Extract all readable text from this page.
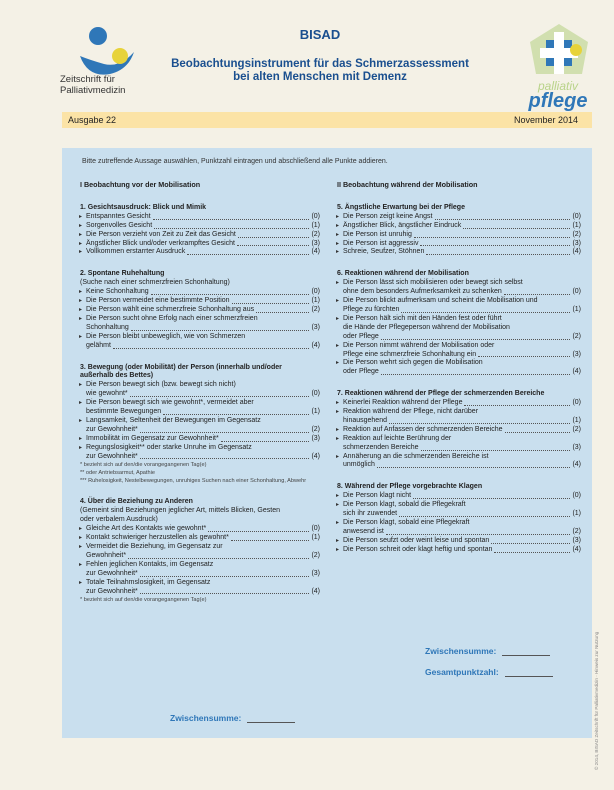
Zeitschrift für
Palliativmedizin	palliativ
pflege
BISAD
Beobachtungsinstrument für das Schmerzassessment
bei alten Menschen mit Demenz
Ausgabe 22	November 2014
Bitte zutreffende Aussage auswählen, Punktzahl eintragen und abschließend alle Punkte addieren.
I Beobachtung vor der Mobilisation
1. Gesichtsausdruck: Blick und Mimik
▸ Entspanntes Gesicht	(0)
▸ Sorgenvolles Gesicht	(1)
▸ Die Person verzieht von Zeit zu Zeit das Gesicht	(2)
▸ Ängstlicher Blick und/oder verkrampftes Gesicht	(3)
▸ Vollkommen erstarrter Ausdruck	(4)
2. Spontane Ruhehaltung
(Suche nach einer schmerzfreien Schonhaltung)
▸ Keine Schonhaltung	(0)
▸ Die Person vermeidet eine bestimmte Position	(1)
▸ Die Person wählt eine schmerzfreie Schonhaltung aus	(2)
▸ Die Person sucht ohne Erfolg nach einer schmerzfreien
Schonhaltung	(3)
▸ Die Person bleibt unbeweglich, wie von Schmerzen
gelähmt	(4)
3. Bewegung (oder Mobilität) der Person (innerhalb und/oder
außerhalb des Bettes)
▸ Die Person bewegt sich (bzw. bewegt sich nicht)
wie gewohnt*	(0)
▸ Die Person bewegt sich wie gewohnt*, vermeidet aber
bestimmte Bewegungen	(1)
▸ Langsamkeit, Seltenheit der Bewegungen im Gegensatz
zur Gewohnheit*	(2)
▸ Immobilität im Gegensatz zur Gewohnheit*	(3)
▸ Regungslosigkeit** oder starke Unruhe im Gegensatz
zur Gewohnheit*	(4)
* bezieht sich auf den/die vorangegangenen Tag(e)
** oder Antriebsarmut, Apathie
*** Ruhelosigkeit, Nestelbewegungen, unruhiges Suchen nach einer Schonhaltung, Abwehr
4. Über die Beziehung zu Anderen
(Gemeint sind Beziehungen jeglicher Art, mittels Blicken, Gesten
oder verbalem Ausdruck)
▸ Gleiche Art des Kontakts wie gewohnt*	(0)
▸ Kontakt schwieriger herzustellen als gewohnt*	(1)
▸ Vermeidet die Beziehung, im Gegensatz zur
Gewohnheit*	(2)
▸ Fehlen jeglichen Kontakts, im Gegensatz
zur Gewohnheit*	(3)
▸ Totale Teilnahmslosigkeit, im Gegensatz
zur Gewohnheit*	(4)
* bezieht sich auf den/die vorangegangenen Tag(e)
Zwischensumme:
II Beobachtung während der Mobilisation
5. Ängstliche Erwartung bei der Pflege
▸ Die Person zeigt keine Angst	(0)
▸ Ängstlicher Blick, ängstlicher Eindruck	(1)
▸ Die Person ist unruhig	(2)
▸ Die Person ist aggressiv	(3)
▸ Schreie, Seufzer, Stöhnen	(4)
6. Reaktionen während der Mobilisation
▸ Die Person lässt sich mobilisieren oder bewegt sich selbst
ohne dem besonders Aufmerksamkeit zu schenken	(0)
▸ Die Person blickt aufmerksam und scheint die Mobilisation und
Pflege zu fürchten	(1)
▸ Die Person hält sich mit den Händen fest oder führt
die Hände der Pflegeperson während der Mobilisation
oder Pflege	(2)
▸ Die Person nimmt während der Mobilisation oder
Pflege eine schmerzfreie Schonhaltung ein	(3)
▸ Die Person wehrt sich gegen die Mobilisation
oder Pflege	(4)
7. Reaktionen während der Pflege der schmerzenden Bereiche
▸ Keinerlei Reaktion während der Pflege	(0)
▸ Reaktion während der Pflege, nicht darüber
hinausgehend	(1)
▸ Reaktion auf Anfassen der schmerzenden Bereiche	(2)
▸ Reaktion auf leichte Berührung der
schmerzenden Bereiche	(3)
▸ Annäherung an die schmerzenden Bereiche ist
unmöglich	(4)
8. Während der Pflege vorgebrachte Klagen
▸ Die Person klagt nicht	(0)
▸ Die Person klagt, sobald die Pflegekraft
sich ihr zuwendet	(1)
▸ Die Person klagt, sobald eine Pflegekraft
anwesend ist	(2)
▸ Die Person seufzt oder weint leise und spontan	(3)
▸ Die Person schreit oder klagt heftig und spontan	(4)
Zwischensumme:
Gesamtpunktzahl:	© 2014, BISAD Zeitschrift für Palliativmedizin · Hinweis zur Nutzung
